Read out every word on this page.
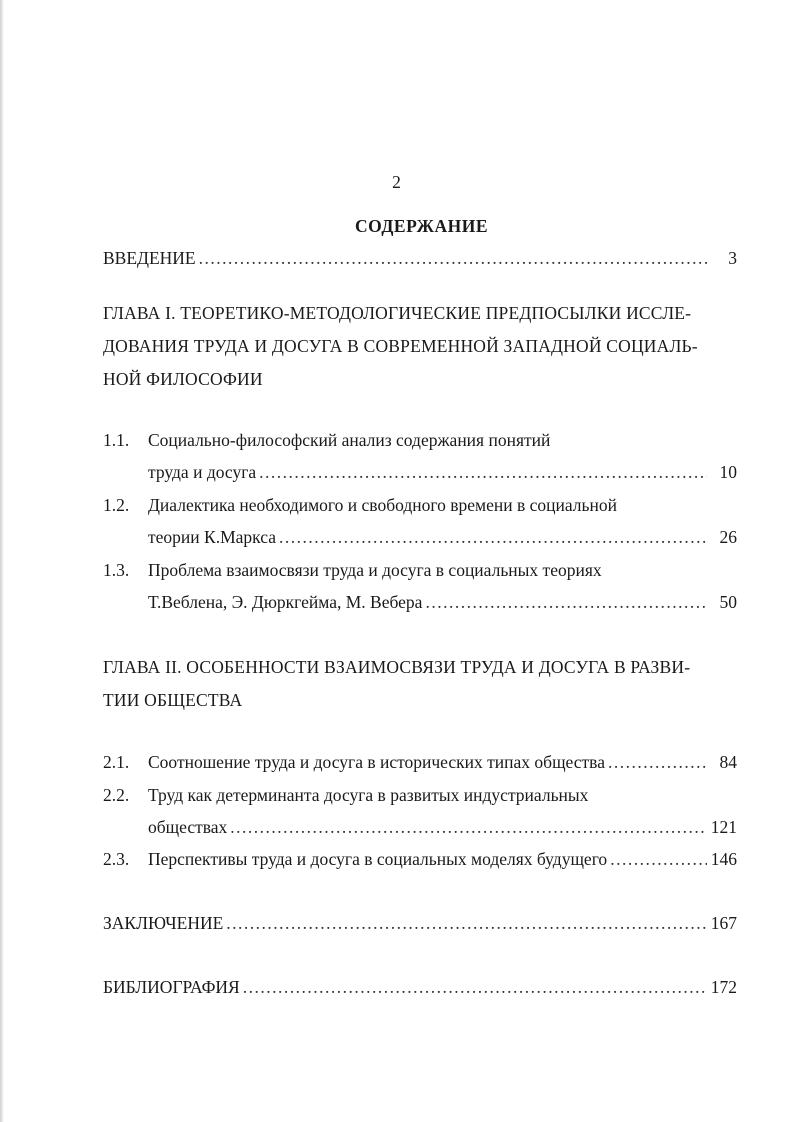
2
СОДЕРЖАНИЕ
ВВЕДЕНИЕ .....	3
ГЛАВА I. ТЕОРЕТИКО-МЕТОДОЛОГИЧЕСКИЕ ПРЕДПОСЫЛКИ ИССЛЕ-
ДОВАНИЯ ТРУДА И ДОСУГА В СОВРЕМЕННОЙ ЗАПАДНОЙ СОЦИАЛЬ-
НОЙ ФИЛОСОФИИ
1.1. Социально-философский анализ содержания понятий
труда и досуга .....	10
1.2. Диалектика необходимого и свободного времени в социальной
теории К.Маркса .....	26
1.3. Проблема взаимосвязи труда и досуга в социальных теориях
Т.Веблена, Э. Дюркгейма, М. Вебера .....	50
ГЛАВА II. ОСОБЕННОСТИ ВЗАИМОСВЯЗИ ТРУДА И ДОСУГА В РАЗВИ-
ТИИ ОБЩЕСТВА
2.1. Соотношение труда и досуга в исторических типах общества .....	84
2.2. Труд как детерминанта досуга в развитых индустриальных
обществах .....	121
2.3. Перспективы труда и досуга в социальных моделях будущего .....	146
ЗАКЛЮЧЕНИЕ .....	167
БИБЛИОГРАФИЯ .....	172
